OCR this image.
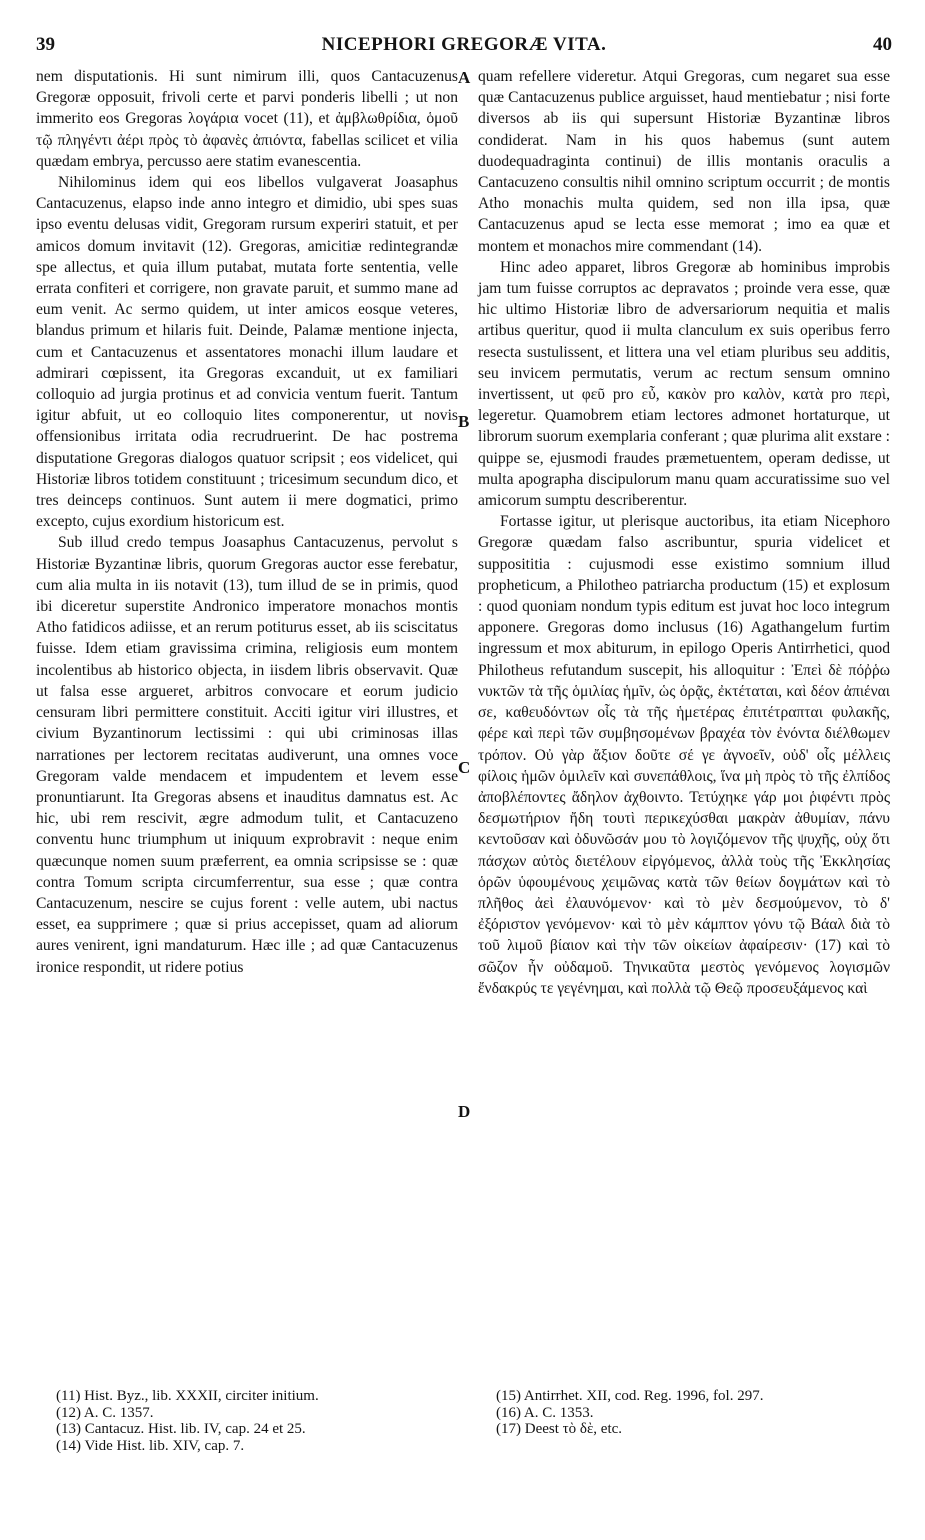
39	NICEPHORI GREGORÆ VITA.	40

nem disputationis. Hi sunt nimirum illi, quos Cantacuzenus Gregoræ opposuit, frivoli certe et parvi ponderis libelli ; ut non immerito eos Gregoras λογάρια vocet (11), et ἀμβλωθρίδια, ὁμοῦ τῷ πληγέντι ἀέρι πρὸς τὸ ἀφανὲς ἀπιόντα, fabellas scilicet et vilia quædam embrya, percusso aere statim evanescentia.

Nihilominus idem qui eos libellos vulgaverat Joasaphus Cantacuzenus, elapso inde anno integro et dimidio, ubi spes suas ipso eventu delusas vidit, Gregoram rursum experiri statuit, et per amicos domum invitavit (12). Gregoras, amicitiæ redintegrandæ spe allectus, et quia illum putabat, mutata forte sententia, velle errata confiteri et corrigere, non gravate paruit, et summo mane ad eum venit. Ac sermo quidem, ut inter amicos eosque veteres, blandus primum et hilaris fuit. Deinde, Palamæ mentione injecta, cum et Cantacuzenus et assentatores monachi illum laudare et admirari cœpissent, ita Gregoras excanduit, ut ex familiari colloquio ad jurgia protinus et ad convicia ventum fuerit. Tantum igitur abfuit, ut eo colloquio lites componerentur, ut novis offensionibus irritata odia recrudruerint. De hac postrema disputatione Gregoras dialogos quatuor scripsit ; eos videlicet, qui Historiæ libros totidem constituunt ; tricesimum secundum dico, et tres deinceps continuos. Sunt autem ii mere dogmatici, primo excepto, cujus exordium historicum est.

Sub illud credo tempus Joasaphus Cantacuzenus, pervolut s Historiæ Byzantinæ libris, quorum Gregoras auctor esse ferebatur, cum alia multa in iis notavit (13), tum illud de se in primis, quod ibi diceretur superstite Andronico imperatore monachos montis Atho fatidicos adiisse, et an rerum potiturus esset, ab iis sciscitatus fuisse. Idem etiam gravissima crimina, religiosis eum montem incolentibus ab historico objecta, in iisdem libris observavit. Quæ ut falsa esse argueret, arbitros convocare et eorum judicio censuram libri permittere constituit. Acciti igitur viri illustres, et civium Byzantinorum lectissimi : qui ubi criminosas illas narrationes per lectorem recitatas audiverunt, una omnes voce Gregoram valde mendacem et impudentem et levem esse pronuntiarunt. Ita Gregoras absens et inauditus damnatus est. Ac hic, ubi rem rescivit, ægre admodum tulit, et Cantacuzeno conventu hunc triumphum ut iniquum exprobravit : neque enim quæcunque nomen suum præferrent, ea omnia scripsisse se : quæ contra Tomum scripta circumferrentur, sua esse ; quæ contra Cantacuzenum, nescire se cujus forent : velle autem, ubi nactus esset, ea supprimere ; quæ si prius accepisset, quam ad aliorum aures venirent, igni mandaturum. Hæc ille ; ad quæ Cantacuzenus ironice respondit, ut ridere potius

A
B
C
D

quam refellere videretur. Atqui Gregoras, cum negaret sua esse quæ Cantacuzenus publice arguisset, haud mentiebatur ; nisi forte diversos ab iis qui supersunt Historiæ Byzantinæ libros condiderat. Nam in his quos habemus (sunt autem duodequadraginta continui) de illis montanis oraculis a Cantacuzeno consultis nihil omnino scriptum occurrit ; de montis Atho monachis multa quidem, sed non illa ipsa, quæ Cantacuzenus apud se lecta esse memorat ; imo ea quæ et montem et monachos mire commendant (14).

Hinc adeo apparet, libros Gregoræ ab hominibus improbis jam tum fuisse corruptos ac depravatos ; proinde vera esse, quæ hic ultimo Historiæ libro de adversariorum nequitia et malis artibus queritur, quod ii multa clanculum ex suis operibus ferro resecta sustulissent, et littera una vel etiam pluribus seu additis, seu invicem permutatis, verum ac rectum sensum omnino invertissent, ut φεῦ pro εὖ, κακὸν pro καλὸν, κατὰ pro περὶ, legeretur. Quamobrem etiam lectores admonet hortaturque, ut librorum suorum exemplaria conferant ; quæ plurima alit exstare : quippe se, ejusmodi fraudes præmetuentem, operam dedisse, ut multa apographa discipulorum manu quam accuratissime suo vel amicorum sumptu describerentur.

Fortasse igitur, ut plerisque auctoribus, ita etiam Nicephoro Gregoræ quædam falso ascribuntur, spuria videlicet et supposititia : cujusmodi esse existimo somnium illud propheticum, a Philotheo patriarcha productum (15) et explosum : quod quoniam nondum typis editum est juvat hoc loco integrum apponere. Gregoras domo inclusus (16) Agathangelum furtim ingressum et mox abiturum, in epilogo Operis Antirrhetici, quod Philotheus refutandum suscepit, his alloquitur : Ἐπεὶ δὲ πόῤῥω νυκτῶν τὰ τῆς ὁμιλίας ἡμῖν, ὡς ὁρᾷς, ἐκτέταται, καὶ δέον ἀπιέναι σε, καθευδόντων οἷς τὰ τῆς ἡμετέρας ἐπιτέτραπται φυλακῆς, φέρε καὶ περὶ τῶν συμβησομένων βραχέα τὸν ἐνόντα διέλθωμεν τρόπον. Οὐ γὰρ ἄξιον δοῦτε σέ γε ἀγνοεῖν, οὐδ' οἷς μέλλεις φίλοις ἡμῶν ὁμιλεῖν καὶ συνεπάθλοις, ἵνα μὴ πρὸς τὸ τῆς ἐλπίδος ἀποβλέποντες ἄδηλον ἀχθοιντο. Τετύχηκε γάρ μοι ῥιφέντι πρὸς δεσμωτήριον ἤδη τουτὶ περικεχύσθαι μακρὰν ἀθυμίαν, πάνυ κεντοῦσαν καὶ ὀδυνῶσάν μου τὸ λογιζόμενον τῆς ψυχῆς, οὐχ ὅτι πάσχων αὐτὸς διετέλουν εἰργόμενος, ἀλλὰ τοὺς τῆς Ἐκκλησίας ὁρῶν ὑφουμένους χειμῶνας κατὰ τῶν θείων δογμάτων καὶ τὸ πλῆθος ἀεὶ ἐλαυνόμενον· καὶ τὸ μὲν δεσμούμενον, τὸ δ' ἐξόριστον γενόμενον· καὶ τὸ μὲν κάμπτον γόνυ τῷ Βάαλ διὰ τὸ τοῦ λιμοῦ βίαιον καὶ τὴν τῶν οἰκείων ἀφαίρεσιν· (17) καὶ τὸ σῶζον ἦν οὐδαμοῦ. Τηνικαῦτα μεστὸς γενόμενος λογισμῶν ἔνδακρύς τε γεγένημαι, καὶ πολλὰ τῷ Θεῷ προσευξάμενος καὶ

(11) Hist. Byz., lib. XXXII, circiter initium.
(12) A. C. 1357.
(13) Cantacuz. Hist. lib. IV, cap. 24 et 25.
(14) Vide Hist. lib. XIV, cap. 7.
(15) Antirrhet. XII, cod. Reg. 1996, fol. 297.
(16) A. C. 1353.
(17) Deest τὸ δὲ, etc.
